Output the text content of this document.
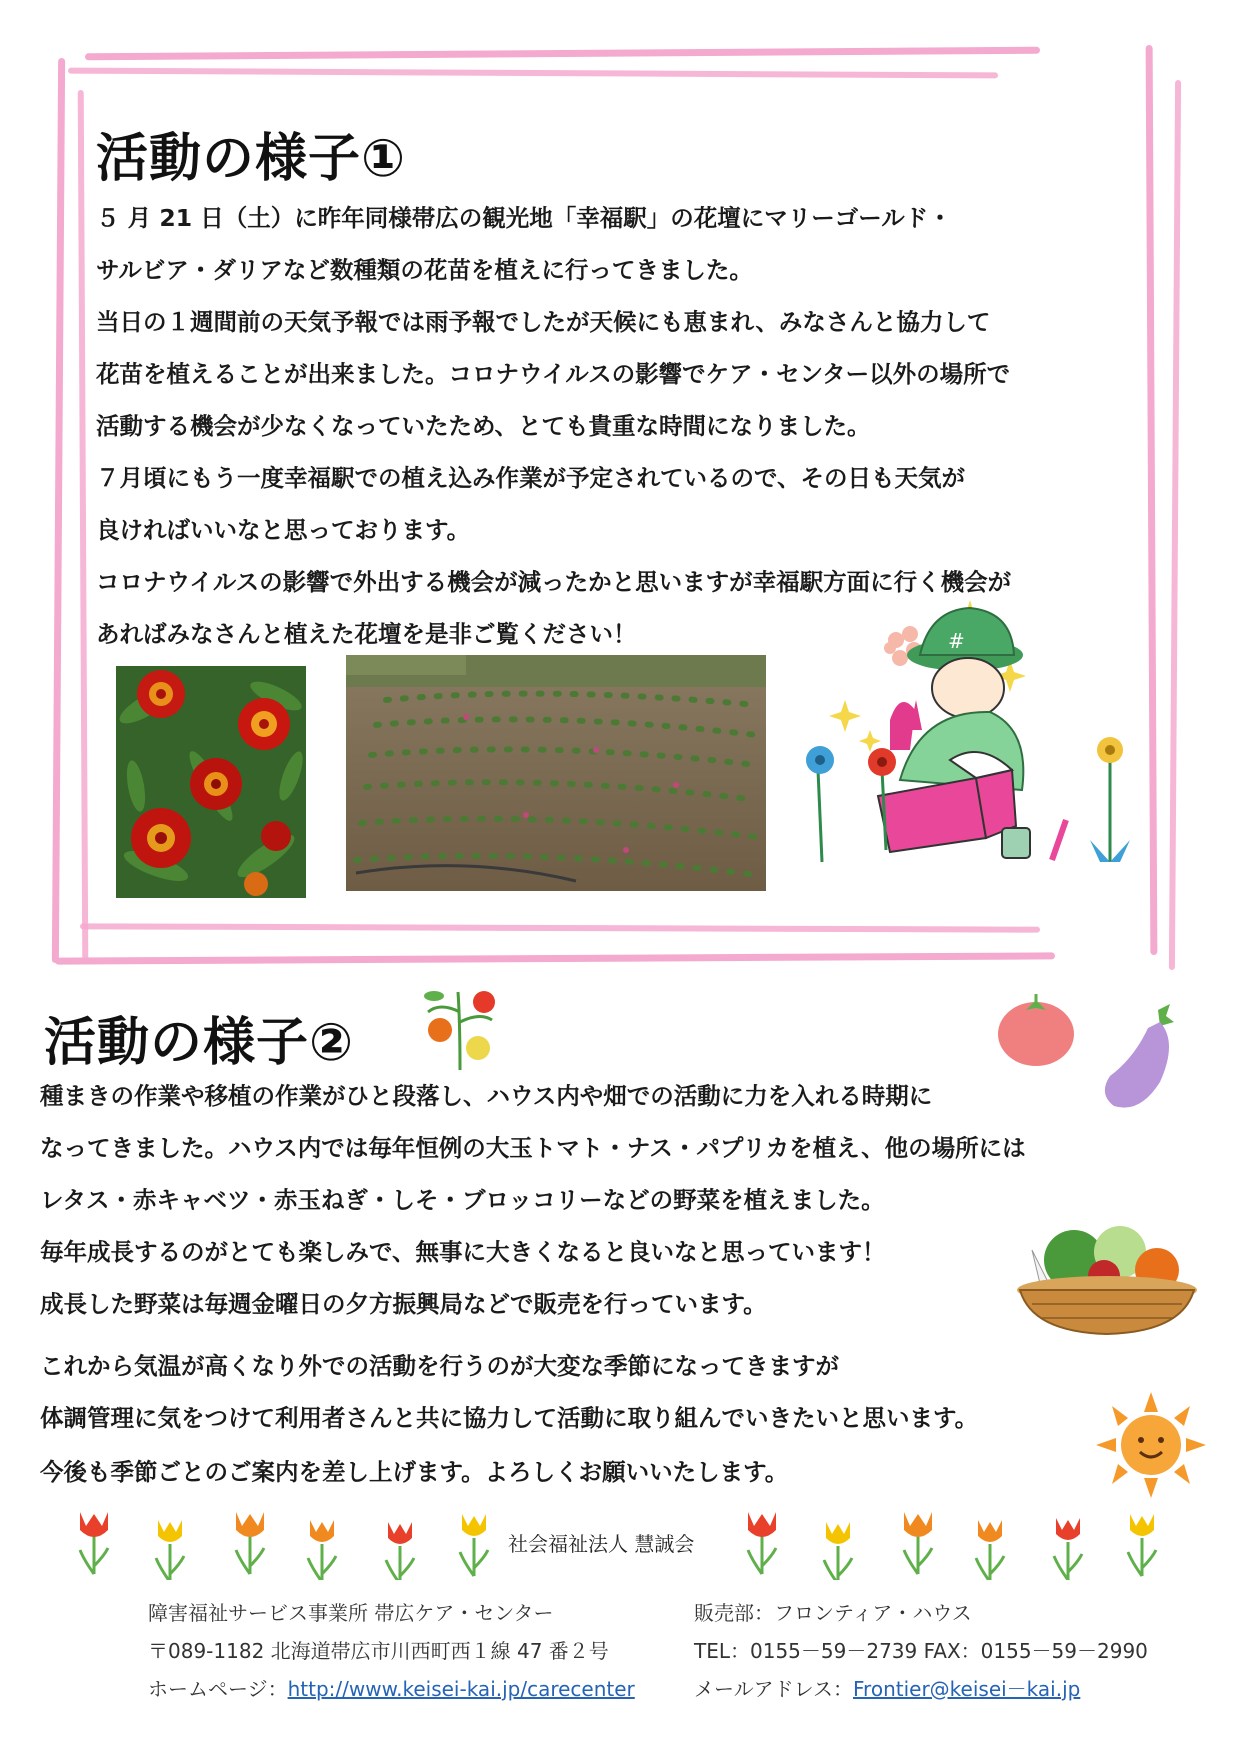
活動の様子①
５ 月 21 日（土）に昨年同様帯広の観光地「幸福駅」の花壇にマリーゴールド・
サルビア・ダリアなど数種類の花苗を植えに行ってきました。
当日の１週間前の天気予報では雨予報でしたが天候にも恵まれ、みなさんと協力して
花苗を植えることが出来ました。コロナウイルスの影響でケア・センター以外の場所で
活動する機会が少なくなっていたため、とても貴重な時間になりました。
７月頃にもう一度幸福駅での植え込み作業が予定されているので、その日も天気が
良ければいいなと思っております。
コロナウイルスの影響で外出する機会が減ったかと思いますが幸福駅方面に行く機会が
あればみなさんと植えた花壇を是非ご覧ください！	#
活動の様子②
種まきの作業や移植の作業がひと段落し、ハウス内や畑での活動に力を入れる時期に
なってきました。ハウス内では毎年恒例の大玉トマト・ナス・パプリカを植え、他の場所には
レタス・赤キャベツ・赤玉ねぎ・しそ・ブロッコリーなどの野菜を植えました。
毎年成長するのがとても楽しみで、無事に大きくなると良いなと思っています！
成長した野菜は毎週金曜日の夕方振興局などで販売を行っています。
これから気温が高くなり外での活動を行うのが大変な季節になってきますが
体調管理に気をつけて利用者さんと共に協力して活動に取り組んでいきたいと思います。
今後も季節ごとのご案内を差し上げます。よろしくお願いいたします。
社会福祉法人 慧誠会
障害福祉サービス事業所 帯広ケア・センター
〒089-1182 北海道帯広市川西町西１線 47 番２号
ホームページ：http://www.keisei-kai.jp/carecenter
販売部：フロンティア・ハウス
TEL：0155－59－2739 FAX：0155－59－2990
メールアドレス：Frontier@keisei－kai.jp
